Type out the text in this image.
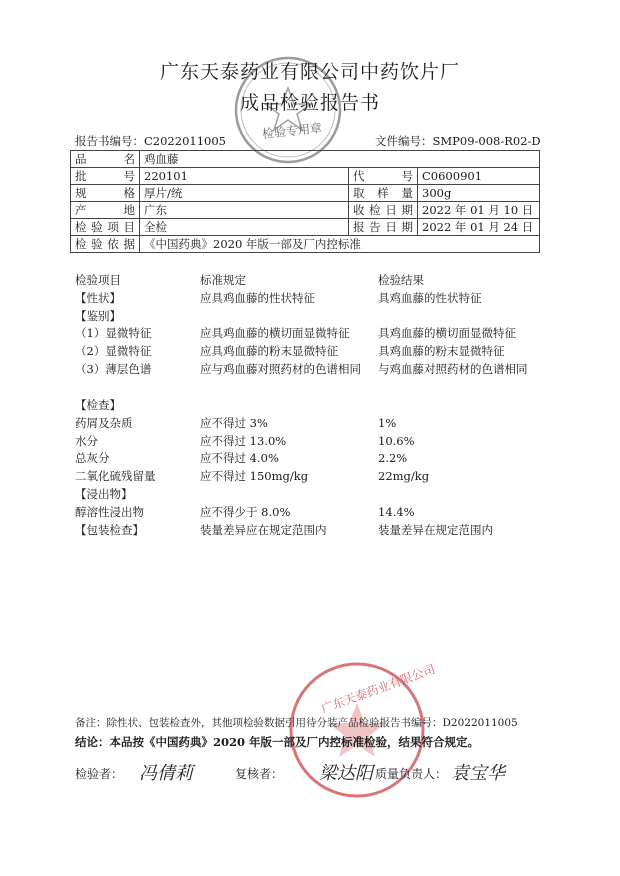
广东天泰药业有限公司中药饮片厂
成品检验报告书
检验专用章
报告书编号：C2022011005	文件编号：SMP09-008-R02-D
品　名	鸡血藤		
批　号	220101	代　号	C0600901
规　格	厚片/统	取 样 量	300g
产　地	广东	收检日期	2022 年 01 月 10 日
检验项目	全检	报告日期	2022 年 01 月 24 日
检验依据	《中国药典》2020 年版一部及厂内控标准		
检验项目	标准规定	检验结果
【性状】	应具鸡血藤的性状特征	具鸡血藤的性状特征
【鉴别】
（1）显微特征	应具鸡血藤的横切面显微特征	具鸡血藤的横切面显微特征
（2）显微特征	应具鸡血藤的粉末显微特征	具鸡血藤的粉末显微特征
（3）薄层色谱	应与鸡血藤对照药材的色谱相同	与鸡血藤对照药材的色谱相同
【检查】
药屑及杂质	应不得过 3%	1%
水分	应不得过 13.0%	10.6%
总灰分	应不得过 4.0%	2.2%
二氧化硫残留量	应不得过 150mg/kg	22mg/kg
【浸出物】
醇溶性浸出物	应不得少于 8.0%	14.4%
【包装检查】	装量差异应在规定范围内	装量差异在规定范围内
广东天泰药业有限公司
备注：除性状、包装检查外，其他项检验数据引用待分装产品检验报告书编号：D2022011005
结论：本品按《中国药典》2020 年版一部及厂内控标准检验，结果符合规定。
检验者： 冯倩莉	复核者： 梁达阳 质量负责人： 袁宝华
